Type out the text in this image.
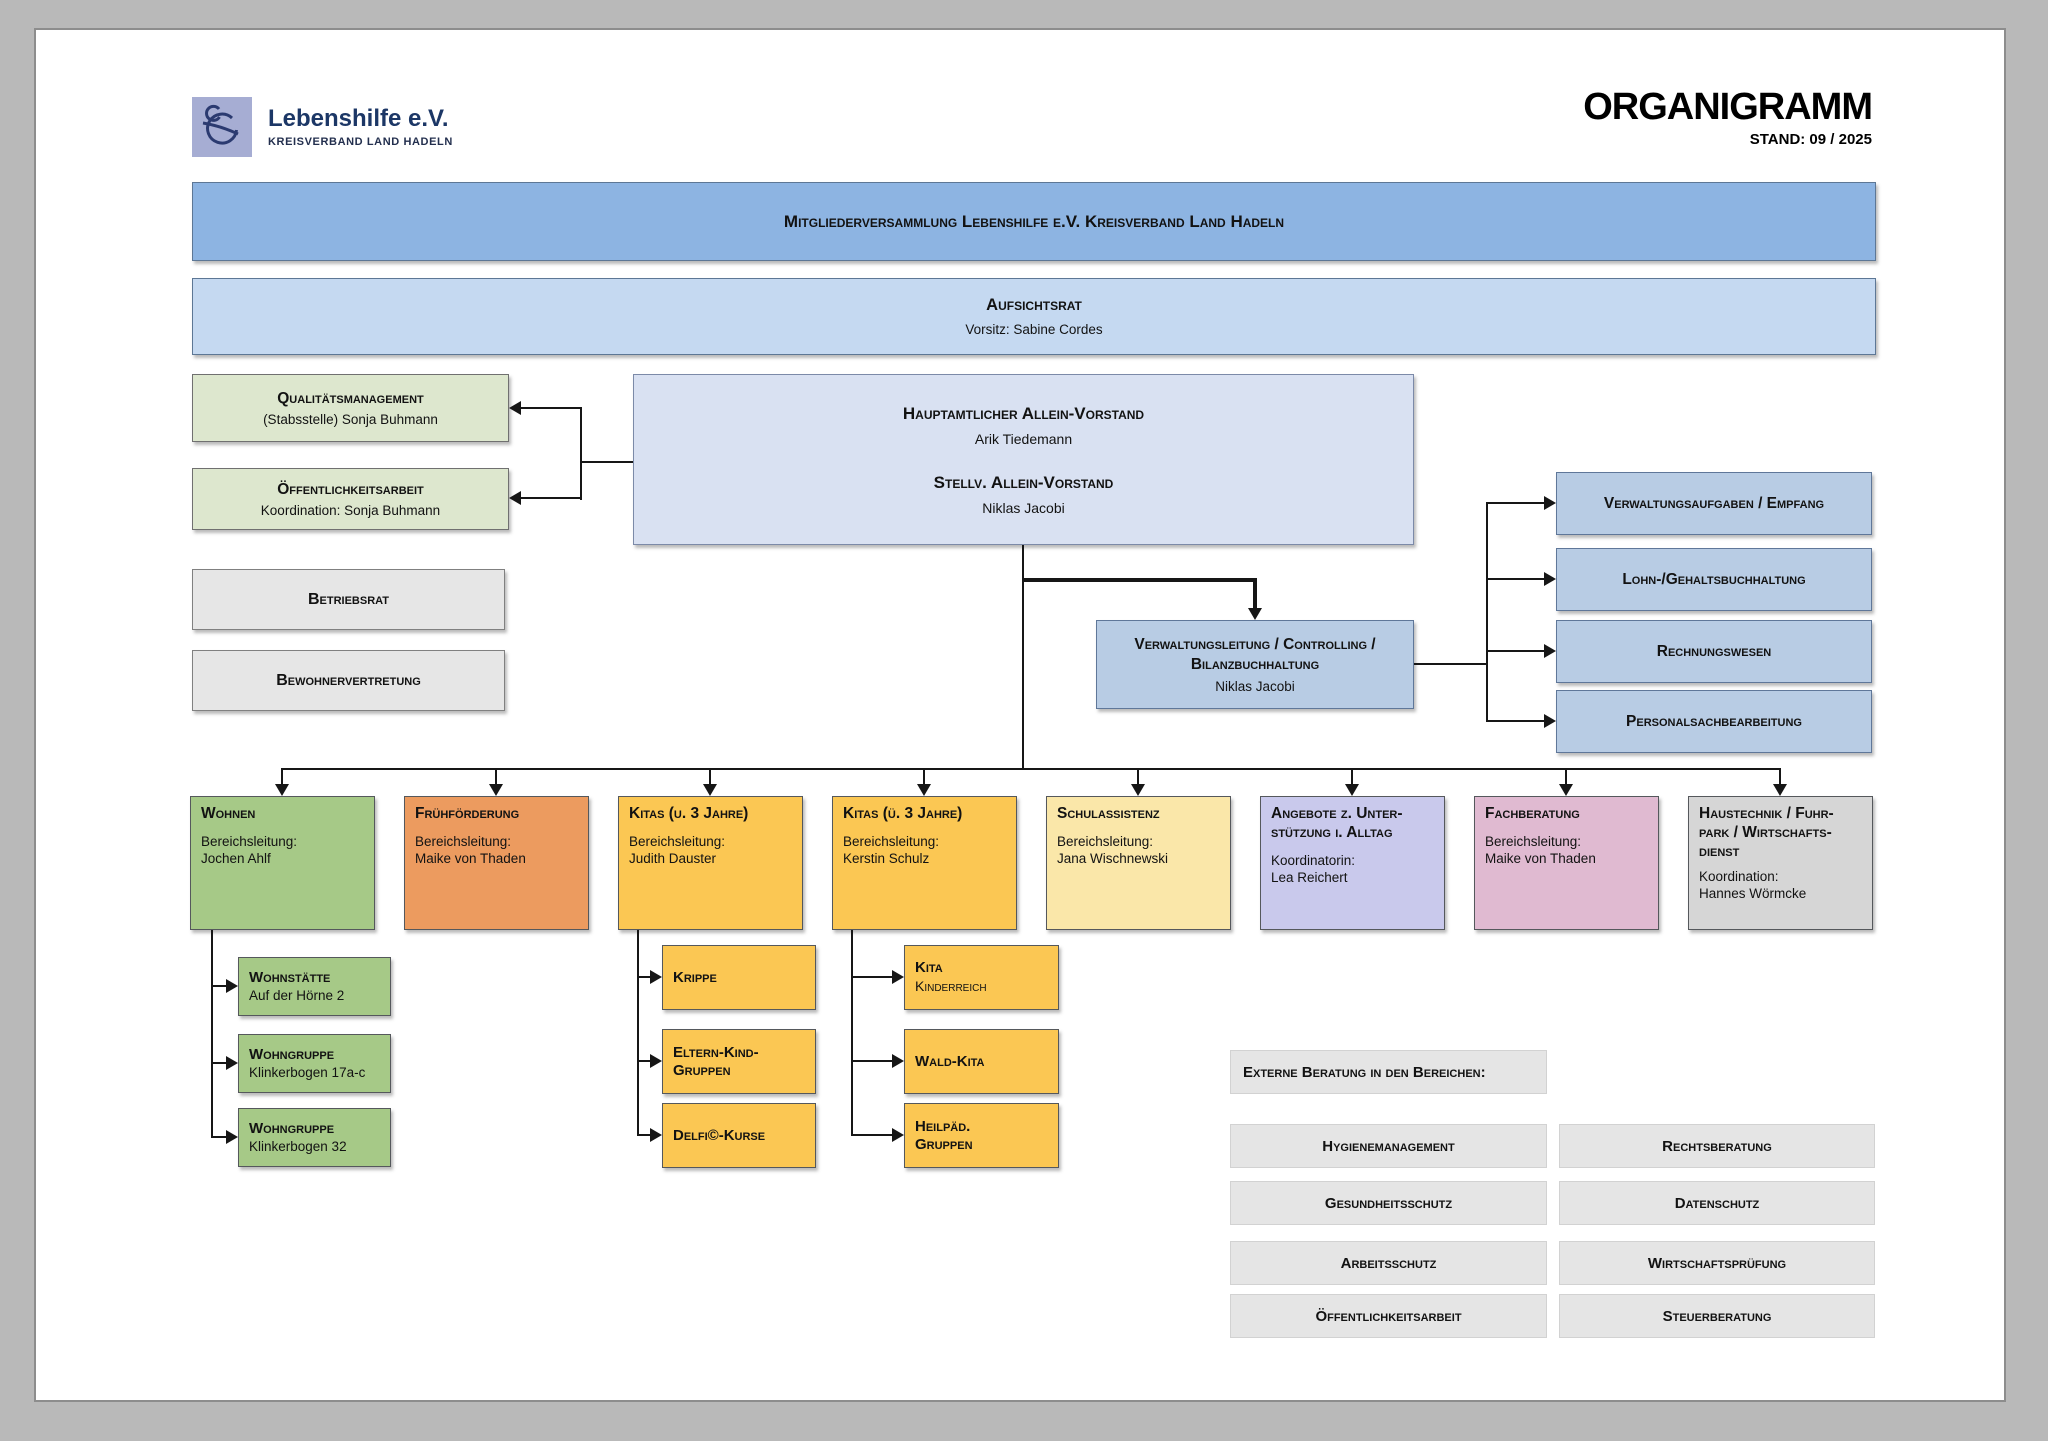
Lebenshilfe e.V.
KREISVERBAND LAND HADELN
ORGANIGRAMM
STAND: 09 / 2025
Mitgliederversammlung Lebenshilfe e.V. Kreisverband Land Hadeln
Aufsichtsrat
Vorsitz: Sabine Cordes
Qualitätsmanagement
(Stabsstelle) Sonja Buhmann
Öffentlichkeitsarbeit
Koordination: Sonja Buhmann
Betriebsrat
Bewohnervertretung
Hauptamtlicher Allein-Vorstand
Arik Tiedemann
Stellv. Allein-Vorstand
Niklas Jacobi
Verwaltungsleitung / Controlling /
Bilanzbuchhaltung
Niklas Jacobi
Verwaltungsaufgaben / Empfang
Lohn-/Gehaltsbuchhaltung
Rechnungswesen
Personalsachbearbeitung
Wohnen
Bereichsleitung:
Jochen Ahlf
Frühförderung
Bereichsleitung:
Maike von Thaden
Kitas (u. 3 Jahre)
Bereichsleitung:
Judith Dauster
Kitas (ü. 3 Jahre)
Bereichsleitung:
Kerstin Schulz
Schulassistenz
Bereichsleitung:
Jana Wischnewski
Angebote z. Unter-
stützung i. Alltag
Koordinatorin:
Lea Reichert
Fachberatung
Bereichsleitung:
Maike von Thaden
Haustechnik / Fuhr-
park / Wirtschafts-
dienst
Koordination:
Hannes Wörmcke
Wohnstätte
Auf der Hörne 2
Wohngruppe
Klinkerbogen 17a-c
Wohngruppe
Klinkerbogen 32
Krippe
Eltern-Kind-
Gruppen
Delfi©-Kurse
Kita
Kinderreich
Wald-Kita
Heilpäd.
Gruppen
Externe Beratung in den Bereichen:
Hygienemanagement
Gesundheitsschutz
Arbeitsschutz
Öffentlichkeitsarbeit
Rechtsberatung
Datenschutz
Wirtschaftsprüfung
Steuerberatung
